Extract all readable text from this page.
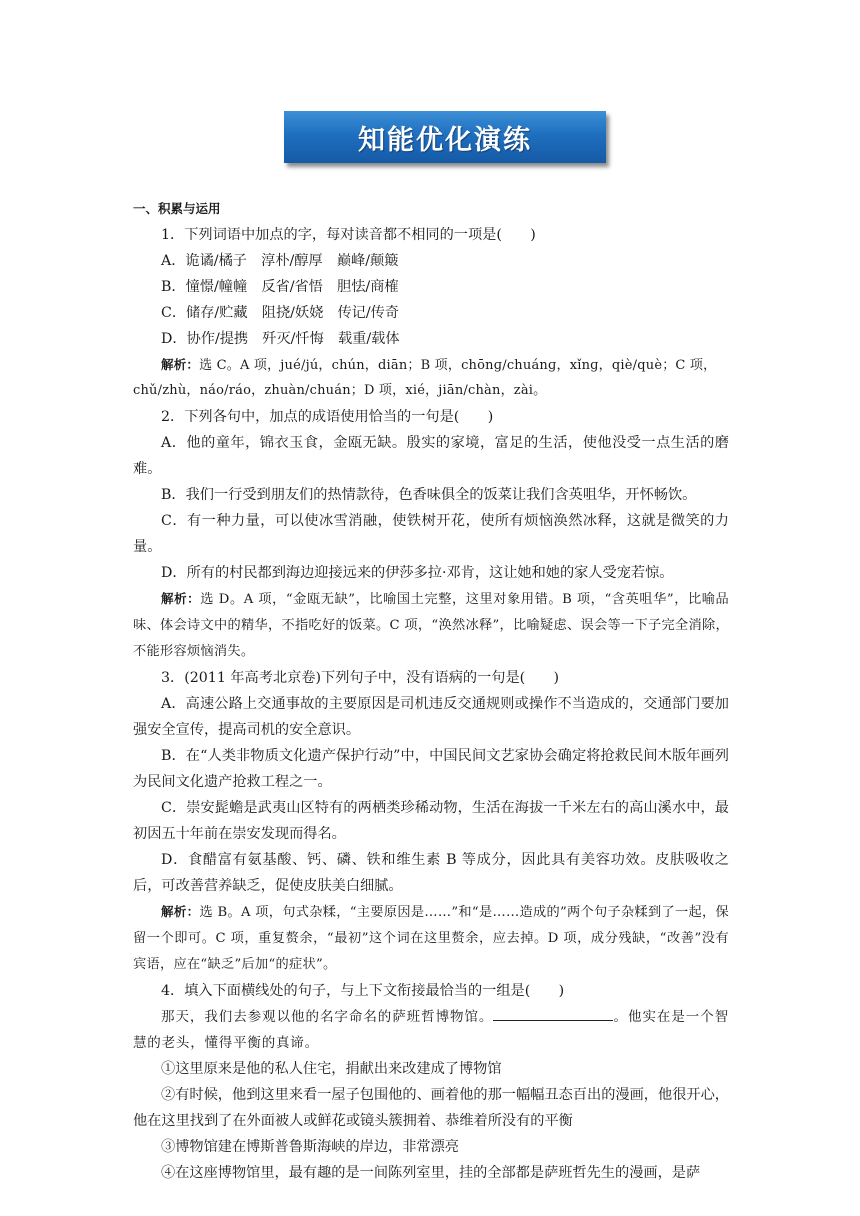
知能优化演练
一、积累与运用
1．下列词语中加点的字，每对读音都不相同的一项是(　　)
A．诡谲/橘子　淳朴/醇厚　巅峰/颠簸
B．憧憬/幢幢　反省/省悟　胆怯/商榷
C．储存/贮藏　阻挠/妖娆　传记/传奇
D．协作/提携　歼灭/忏悔　载重/载体
解析：选 C。A 项，jué/jú，chún，diān；B 项，chōnɡ/chuánɡ，xǐnɡ，qiè/què；C 项，
chǔ/zhù，náo/ráo，zhuàn/chuán；D 项，xié，jiān/chàn，zài。
2．下列各句中，加点的成语使用恰当的一句是(　　)
A．他的童年，锦衣玉食，金瓯无缺。殷实的家境，富足的生活，使他没受一点生活的磨难。
B．我们一行受到朋友们的热情款待，色香味俱全的饭菜让我们含英咀华，开怀畅饮。
C．有一种力量，可以使冰雪消融，使铁树开花，使所有烦恼涣然冰释，这就是微笑的力量。
D．所有的村民都到海边迎接远来的伊莎多拉·邓肯，这让她和她的家人受宠若惊。
解析：选 D。A 项，“金瓯无缺”，比喻国土完整，这里对象用错。B 项，“含英咀华”，比喻品味、体会诗文中的精华，不指吃好的饭菜。C 项，“涣然冰释”，比喻疑虑、误会等一下子完全消除，不能形容烦恼消失。
3．(2011 年高考北京卷)下列句子中，没有语病的一句是(　　)
A．高速公路上交通事故的主要原因是司机违反交通规则或操作不当造成的，交通部门要加强安全宣传，提高司机的安全意识。
B．在“人类非物质文化遗产保护行动”中，中国民间文艺家协会确定将抢救民间木版年画列为民间文化遗产抢救工程之一。
C．崇安髭蟾是武夷山区特有的两栖类珍稀动物，生活在海拔一千米左右的高山溪水中，最初因五十年前在崇安发现而得名。
D．食醋富有氨基酸、钙、磷、铁和维生素 B 等成分，因此具有美容功效。皮肤吸收之后，可改善营养缺乏，促使皮肤美白细腻。
解析：选 B。A 项，句式杂糅，“主要原因是……”和“是……造成的”两个句子杂糅到了一起，保留一个即可。C 项，重复赘余，“最初”这个词在这里赘余，应去掉。D 项，成分残缺，“改善”没有宾语，应在“缺乏”后加“的症状”。
4．填入下面横线处的句子，与上下文衔接最恰当的一组是(　　)
那天，我们去参观以他的名字命名的萨班哲博物馆。	。他实在是一个智慧的老头，懂得平衡的真谛。
①这里原来是他的私人住宅，捐献出来改建成了博物馆
②有时候，他到这里来看一屋子包围他的、画着他的那一幅幅丑态百出的漫画，他很开心，他在这里找到了在外面被人或鲜花或镜头簇拥着、恭维着所没有的平衡
③博物馆建在博斯普鲁斯海峡的岸边，非常漂亮
④在这座博物馆里，最有趣的是一间陈列室里，挂的全部都是萨班哲先生的漫画，是萨
